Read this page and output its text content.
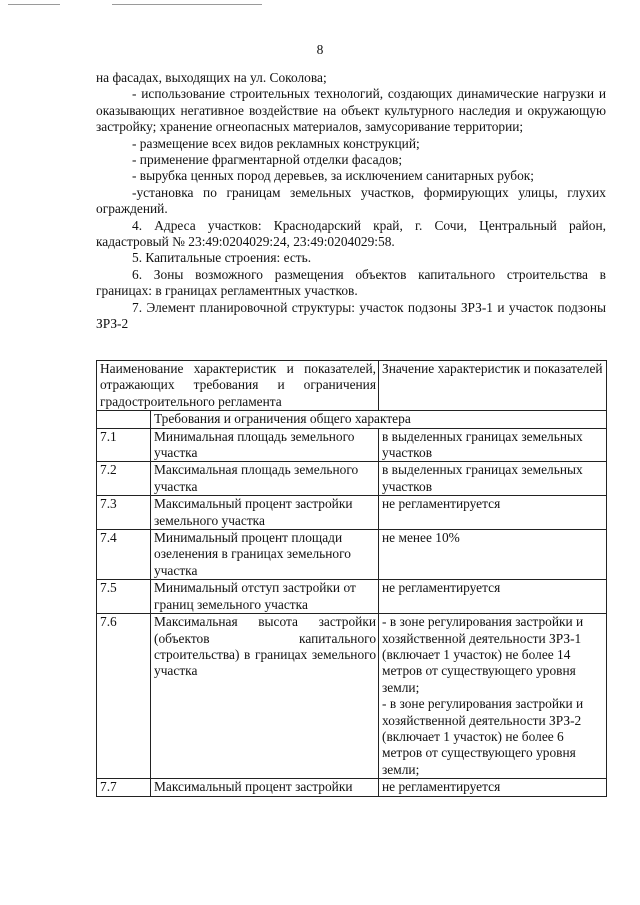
8

на фасадах, выходящих на ул. Соколова;

- использование строительных технологий, создающих динамические нагрузки и оказывающих негативное воздействие на объект культурного наследия и окружающую застройку; хранение огнеопасных материалов, замусоривание территории;

- размещение всех видов рекламных конструкций;

- применение фрагментарной отделки фасадов;

- вырубка ценных пород деревьев, за исключением санитарных рубок;

-установка по границам земельных участков, формирующих улицы, глухих ограждений.

4. Адреса участков: Краснодарский край, г. Сочи, Центральный район, кадастровый № 23:49:0204029:24, 23:49:0204029:58.

5. Капитальные строения: есть.

6. Зоны возможного размещения объектов капитального строительства в границах: в границах регламентных участков.

7. Элемент планировочной структуры: участок подзоны ЗРЗ-1 и участок подзоны ЗРЗ-2

Наименование характеристик и показателей, отражающих требования и ограничения градостроительного регламента		Значение характеристик и показателей
	Требования и ограничения общего характера	
7.1	Минимальная площадь земельного участка	в выделенных границах земельных участков
7.2	Максимальная площадь земельного участка	в выделенных границах земельных участков
7.3	Максимальный процент застройки земельного участка	не регламентируется
7.4	Минимальный процент площади озеленения в границах земельного участка	не менее 10%
7.5	Минимальный отступ застройки от границ земельного участка	не регламентируется
7.6	Максимальная высота застройки (объектов капитального строительства) в границах земельного участка	- в зоне регулирования застройки и хозяйственной деятельности ЗРЗ-1 (включает 1 участок) не более 14 метров от существующего уровня земли;
- в зоне регулирования застройки и хозяйственной деятельности ЗРЗ-2 (включает 1 участок) не более 6 метров от существующего уровня земли;
7.7	Максимальный процент застройки	не регламентируется
